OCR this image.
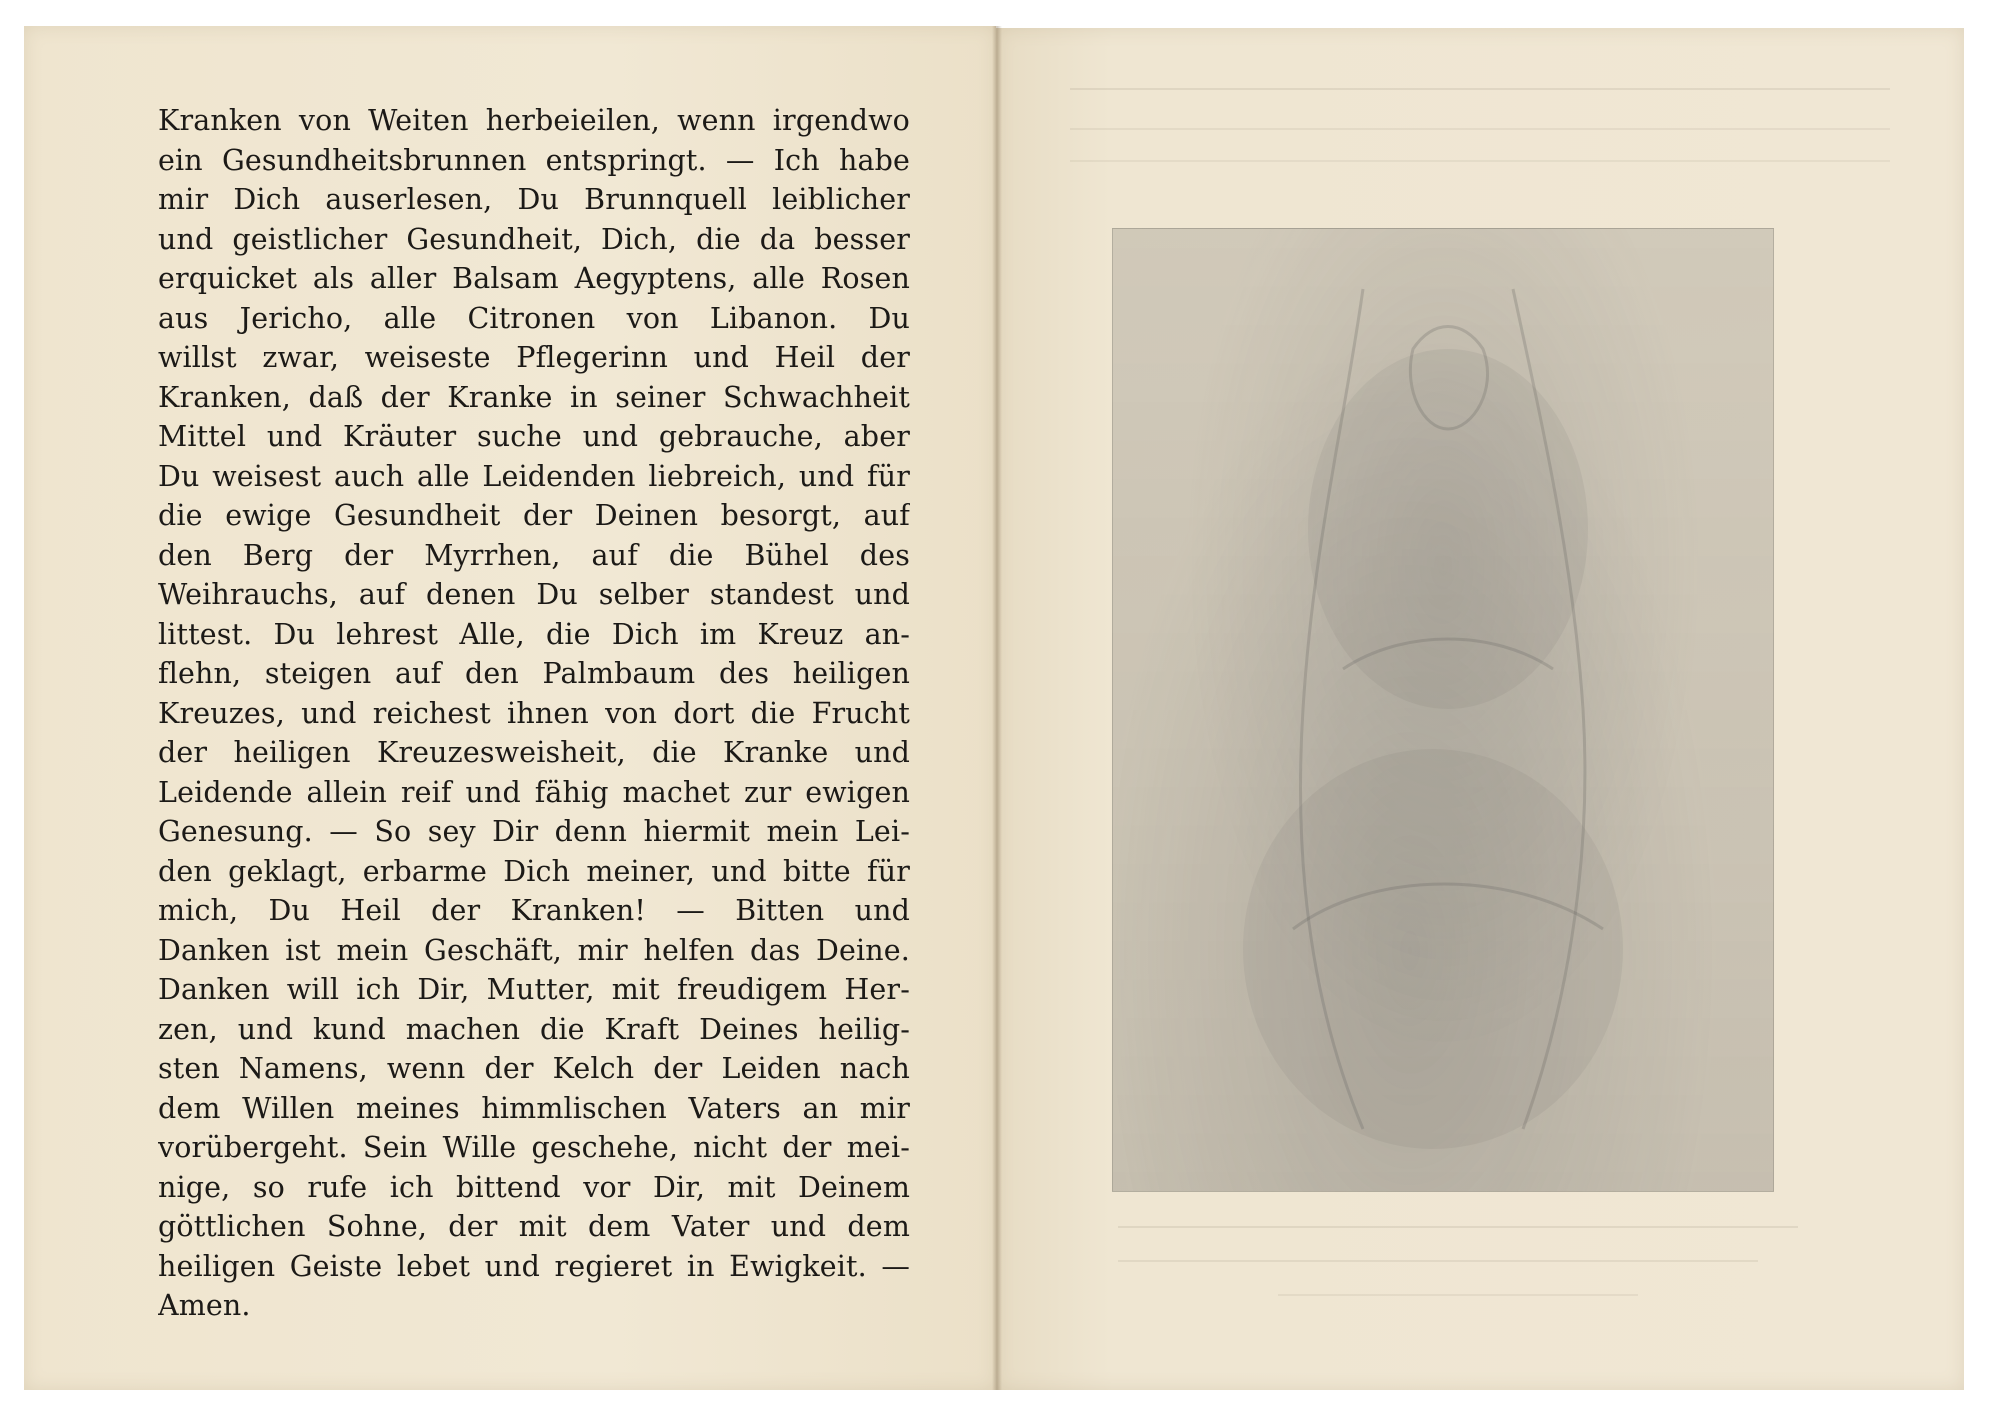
Kranken von Weiten herbeieilen, wenn irgendwo
ein Gesundheitsbrunnen entspringt. — Ich habe
mir Dich auserlesen, Du Brunnquell leiblicher
und geistlicher Gesundheit, Dich, die da besser
erquicket als aller Balsam Aegyptens, alle Rosen
aus Jericho, alle Citronen von Libanon. Du
willst zwar, weiseste Pflegerinn und Heil der
Kranken, daß der Kranke in seiner Schwachheit
Mittel und Kräuter suche und gebrauche, aber
Du weisest auch alle Leidenden liebreich, und für
die ewige Gesundheit der Deinen besorgt, auf
den Berg der Myrrhen, auf die Bühel des
Weihrauchs, auf denen Du selber standest und
littest. Du lehrest Alle, die Dich im Kreuz an-
flehn, steigen auf den Palmbaum des heiligen
Kreuzes, und reichest ihnen von dort die Frucht
der heiligen Kreuzesweisheit, die Kranke und
Leidende allein reif und fähig machet zur ewigen
Genesung. — So sey Dir denn hiermit mein Lei-
den geklagt, erbarme Dich meiner, und bitte für
mich, Du Heil der Kranken! — Bitten und
Danken ist mein Geschäft, mir helfen das Deine.
Danken will ich Dir, Mutter, mit freudigem Her-
zen, und kund machen die Kraft Deines heilig-
sten Namens, wenn der Kelch der Leiden nach
dem Willen meines himmlischen Vaters an mir
vorübergeht. Sein Wille geschehe, nicht der mei-
nige, so rufe ich bittend vor Dir, mit Deinem
göttlichen Sohne, der mit dem Vater und dem
heiligen Geiste lebet und regieret in Ewigkeit. —
Amen.
